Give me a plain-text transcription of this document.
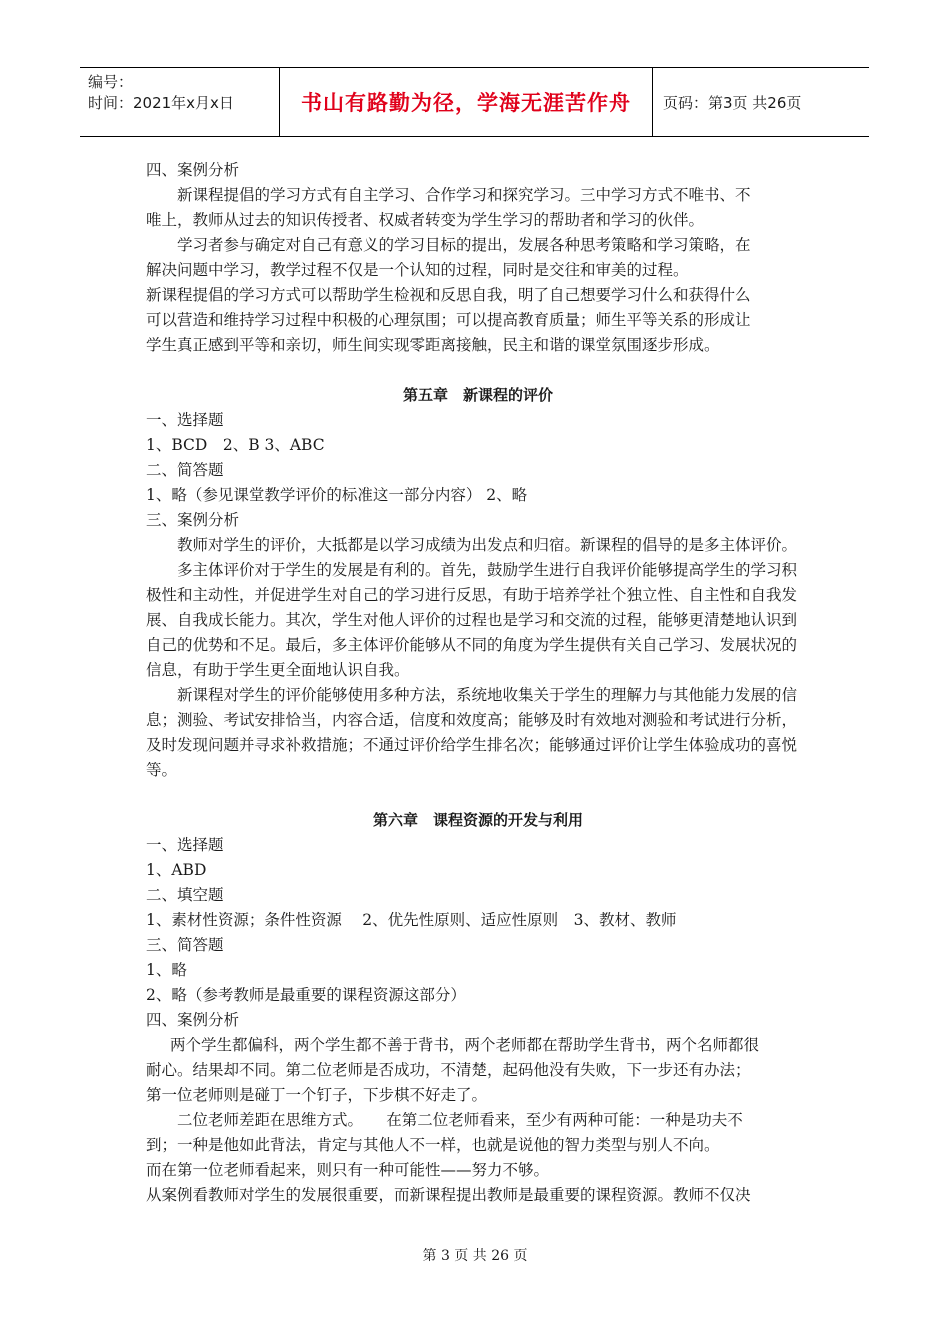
编号：
时间：2021年x月x日	书山有路勤为径，学海无涯苦作舟	页码：第3页 共26页

四、案例分析

新课程提倡的学习方式有自主学习、合作学习和探究学习。三中学习方式不唯书、不

唯上，教师从过去的知识传授者、权威者转变为学生学习的帮助者和学习的伙伴。

学习者参与确定对自己有意义的学习目标的提出，发展各种思考策略和学习策略，在

解决问题中学习，教学过程不仅是一个认知的过程，同时是交往和审美的过程。

新课程提倡的学习方式可以帮助学生检视和反思自我，明了自己想要学习什么和获得什么

可以营造和维持学习过程中积极的心理氛围；可以提高教育质量；师生平等关系的形成让

学生真正感到平等和亲切，师生间实现零距离接触，民主和谐的课堂氛围逐步形成。

第五章　新课程的评价

一、选择题

1、BCD　2、B 3、ABC

二、简答题

1、略（参见课堂教学评价的标准这一部分内容） 2、略

三、案例分析

教师对学生的评价，大抵都是以学习成绩为出发点和归宿。新课程的倡导的是多主体评价。

多主体评价对于学生的发展是有利的。首先，鼓励学生进行自我评价能够提高学生的学习积极性和主动性，并促进学生对自己的学习进行反思，有助于培养学社个独立性、自主性和自我发展、自我成长能力。其次，学生对他人评价的过程也是学习和交流的过程，能够更清楚地认识到自己的优势和不足。最后，多主体评价能够从不同的角度为学生提供有关自己学习、发展状况的信息，有助于学生更全面地认识自我。

新课程对学生的评价能够使用多种方法，系统地收集关于学生的理解力与其他能力发展的信息；测验、考试安排恰当，内容合适，信度和效度高；能够及时有效地对测验和考试进行分析，及时发现问题并寻求补救措施；不通过评价给学生排名次；能够通过评价让学生体验成功的喜悦等。

第六章　课程资源的开发与利用

一、选择题

1、ABD

二、填空题

1、素材性资源；条件性资源　 2、优先性原则、适应性原则　3、教材、教师

三、简答题

1、略

2、略（参考教师是最重要的课程资源这部分）

四、案例分析

两个学生都偏科，两个学生都不善于背书，两个老师都在帮助学生背书，两个名师都很

耐心。结果却不同。第二位老师是否成功，不清楚，起码他没有失败，下一步还有办法；

第一位老师则是碰丁一个钉子，下步棋不好走了。

二位老师差距在思维方式。　　在第二位老师看来，至少有两种可能：一种是功夫不

到；一种是他如此背法，肯定与其他人不一样，也就是说他的智力类型与别人不向。

而在第一位老师看起来，则只有一种可能性——努力不够。

从案例看教师对学生的发展很重要，而新课程提出教师是最重要的课程资源。教师不仅决

第 3 页 共 26 页
